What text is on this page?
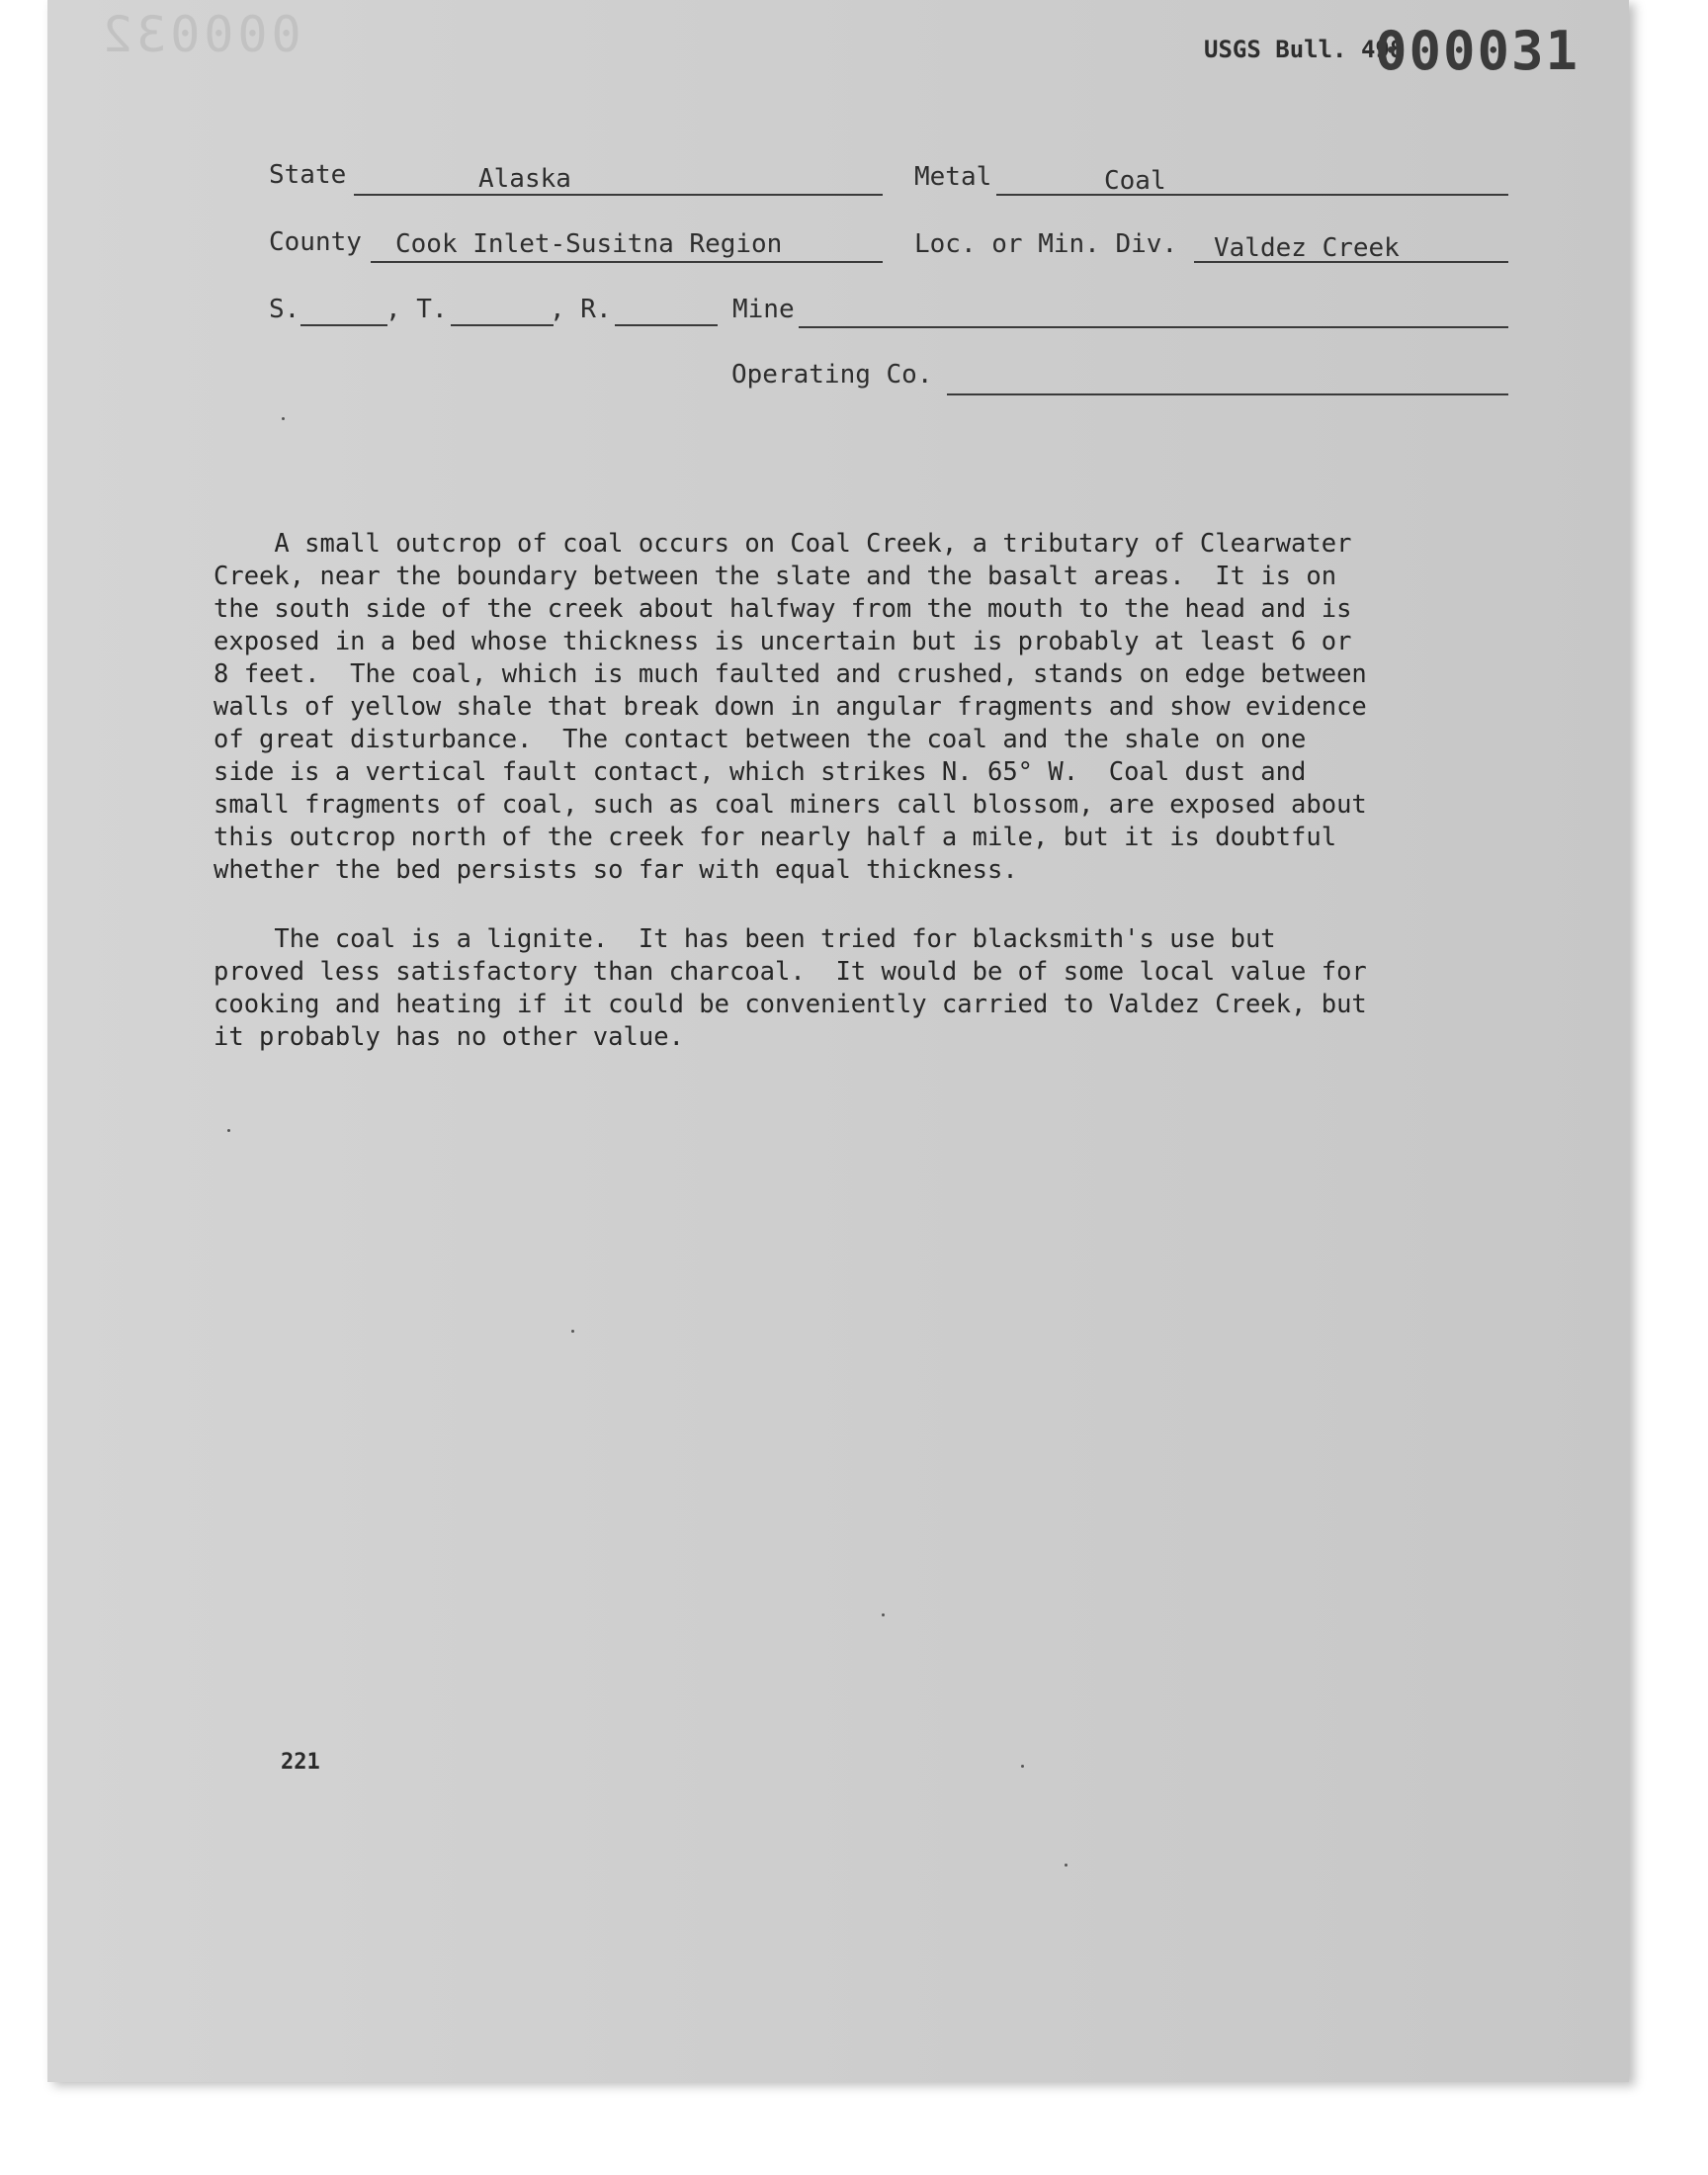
000032	USGS Bull. 498
000031
State	Alaska	Metal	Coal
County Cook Inlet-Susitna Region	Loc. or Min. Div. Valdez Creek
S.	, T.	, R.	Mine
Operating Co.
A small outcrop of coal occurs on Coal Creek, a tributary of Clearwater
Creek, near the boundary between the slate and the basalt areas.  It is on
the south side of the creek about halfway from the mouth to the head and is
exposed in a bed whose thickness is uncertain but is probably at least 6 or
8 feet.  The coal, which is much faulted and crushed, stands on edge between
walls of yellow shale that break down in angular fragments and show evidence
of great disturbance.  The contact between the coal and the shale on one
side is a vertical fault contact, which strikes N. 65° W.  Coal dust and
small fragments of coal, such as coal miners call blossom, are exposed about
this outcrop north of the creek for nearly half a mile, but it is doubtful
whether the bed persists so far with equal thickness.
The coal is a lignite.  It has been tried for blacksmith's use but
proved less satisfactory than charcoal.  It would be of some local value for
cooking and heating if it could be conveniently carried to Valdez Creek, but
it probably has no other value.
221
